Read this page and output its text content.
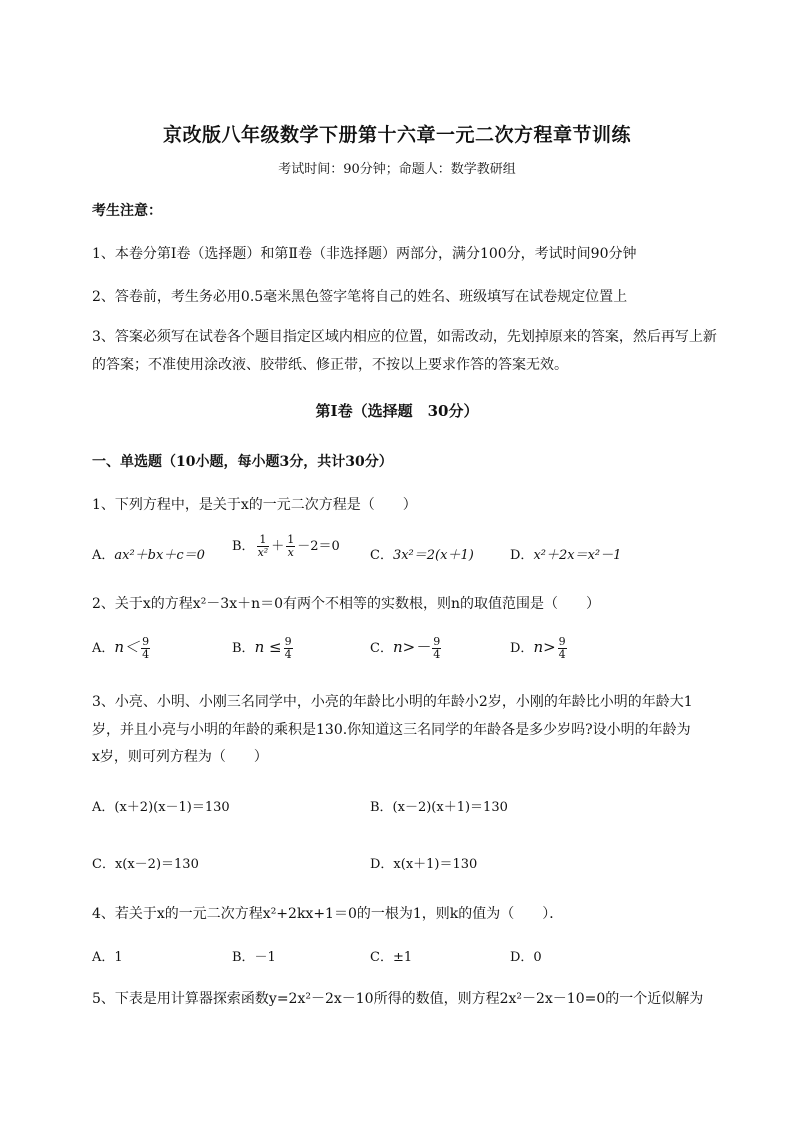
京改版八年级数学下册第十六章一元二次方程章节训练
考试时间：90分钟；命题人：数学教研组
考生注意：
1、本卷分第Ⅰ卷（选择题）和第Ⅱ卷（非选择题）两部分，满分100分，考试时间90分钟
2、答卷前，考生务必用0.5毫米黑色签字笔将自己的姓名、班级填写在试卷规定位置上
3、答案必须写在试卷各个题目指定区域内相应的位置，如需改动，先划掉原来的答案，然后再写上新
的答案；不准使用涂改液、胶带纸、修正带，不按以上要求作答的答案无效。
第Ⅰ卷（选择题　30分）
一、单选题（10小题，每小题3分，共计30分）
1、下列方程中，是关于x的一元二次方程是（　　）
A．ax²＋bx＋c＝0
B． $\frac{1}{\text{x²}} + \frac{1}{x} -2=0$
C．3x²＝2(x＋1)	D．x²＋2x＝x²－1
2、关于x的方程x²－3x＋n＝0有两个不相等的实数根，则n的取值范围是（　　）
A．$n< \frac{9}{4}$	B．$n \le \frac{9}{4}$	C．$n>- \frac{9}{4}$	D．$n> \frac{9}{4}$
3、小亮、小明、小刚三名同学中，小亮的年龄比小明的年龄小2岁，小刚的年龄比小明的年龄大1
岁，并且小亮与小明的年龄的乘积是130.你知道这三名同学的年龄各是多少岁吗?设小明的年龄为
x岁，则可列方程为（　　）
A．(x＋2)(x－1)＝130	B．(x－2)(x＋1)＝130
C．x(x－2)＝130	D．x(x＋1)＝130
4、若关于x的一元二次方程x²+2kx+1＝0的一根为1，则k的值为（　　）．
A．1	B．－1	C．±1	D．0
5、下表是用计算器探索函数y=2x²－2x－10所得的数值，则方程2x²－2x－10=0的一个近似解为
